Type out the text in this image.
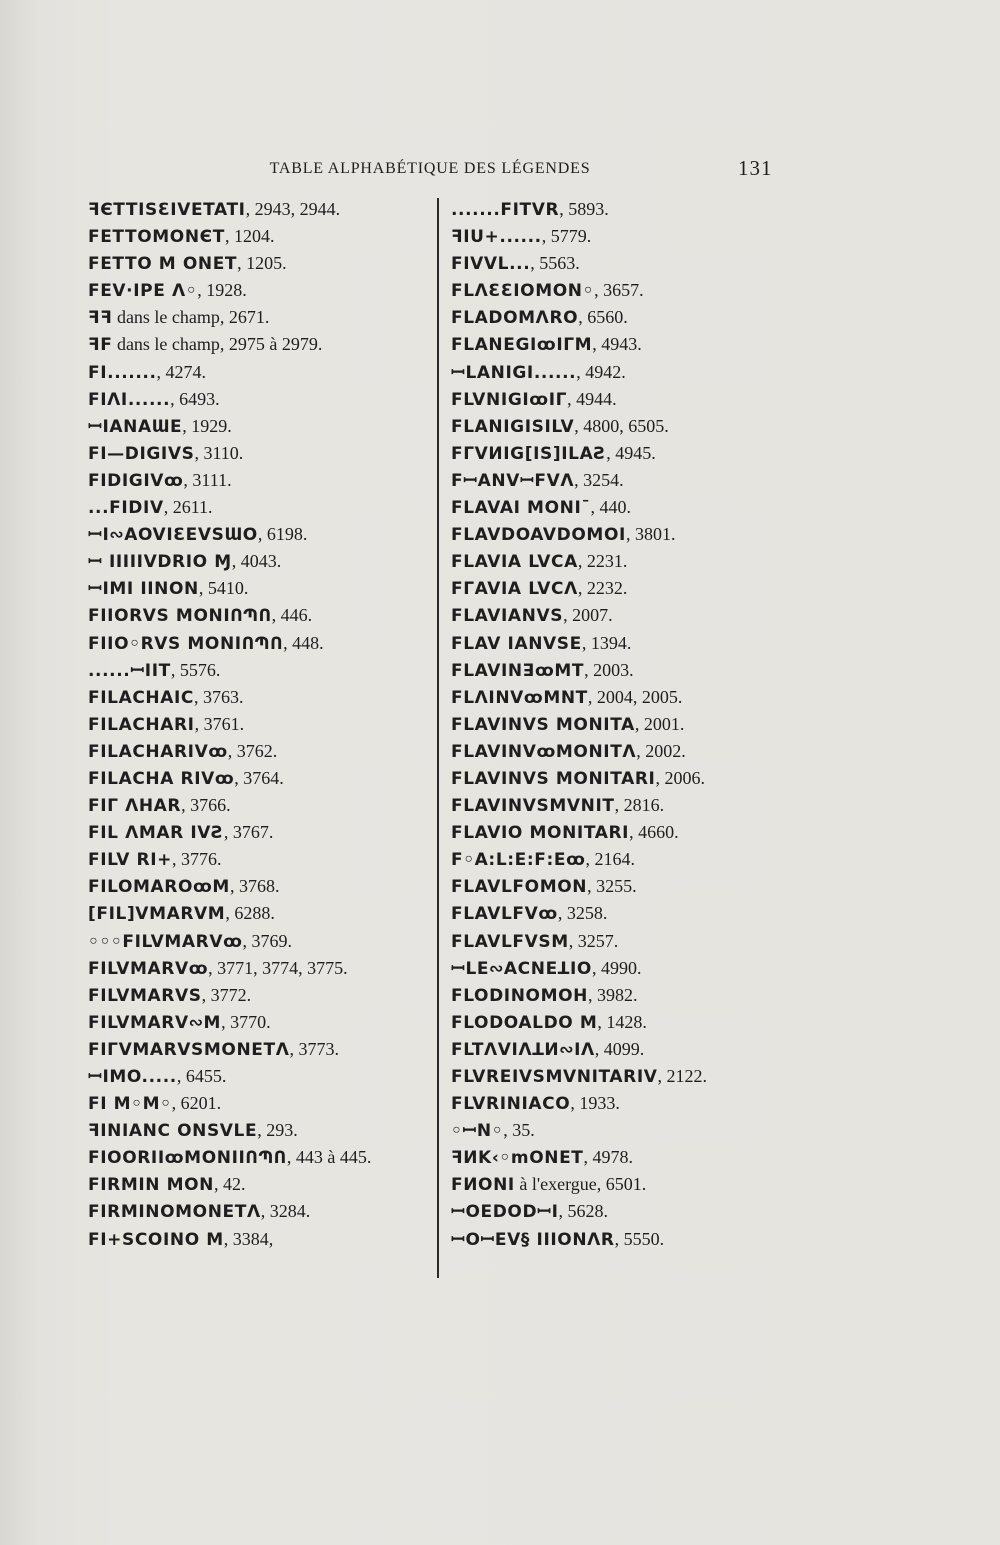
TABLE ALPHABÉTIQUE DES LÉGENDES	131
ꟻЄTTISƐIVETATI, 2943, 2944.
FETTOMONЄT, 1204.
FETTO M ONET, 1205.
FEV·IPE Λ◦, 1928.
ꟻꟻ dans le champ, 2671.
ꟻF dans le champ, 2975 à 2979.
FI......., 4274.
FIΛI......, 6493.
ꟷIANAƜE, 1929.
FI—DIGIVS, 3110.
FIDIGIVꝏ, 3111.
...FIDIV, 2611.
ꟷI∾AOVIƐEVSƜO, 6198.
ꟷ IIIIIVDRIO Ɱ, 4043.
ꟷIMI IINON, 5410.
FIIORVS MONIՈՊՈ, 446.
FIIO◦RVS MONIՈՊՈ, 448.
......ꟷIIT, 5576.
FILACHAIC, 3763.
FILACHARI, 3761.
FILACHARIVꝏ, 3762.
FILACHA RIVꝏ, 3764.
FIΓ ΛHAR, 3766.
FIL ΛMAR IVꙄ, 3767.
FILV RI+, 3776.
FILOMAROꝏM, 3768.
[FIL]VMARVM, 6288.
◦◦◦FILVMARVꝏ, 3769.
FILVMARVꝏ, 3771, 3774, 3775.
FILVMARVS, 3772.
FILVMARV∾M, 3770.
FIΓVMARVSMONETΛ, 3773.
ꟷIMO....., 6455.
FI M◦M◦, 6201.
ꟻINIANC ONSVLE, 293.
FIOORIIꝏMONIIՈՊՈ, 443 à 445.
FIRMIN MON, 42.
FIRMINOMONETΛ, 3284.
FI+SCOINO M, 3384,
.......FITVR, 5893.
ꟻIU+......, 5779.
FIVVL..., 5563.
FLΛƐƐIOMON◦, 3657.
FLADOMΛRO, 6560.
FLANEGIꝏIΓM, 4943.
ꟷLANIGI......, 4942.
FLVNIGIꝏIΓ, 4944.
FLANIGISILV, 4800, 6505.
FΓVИIG[IS]ILAꙄ, 4945.
FꟷANVꟷFVΛ, 3254.
FLAVAI MONI¯, 440.
FLAVDOAVDOMOI, 3801.
FLAVIA LVCA, 2231.
FΓAVIA LVCΛ, 2232.
FLAVIANVS, 2007.
FLAV IANVSE, 1394.
FLAVINꓱꝏMT, 2003.
FLΛINVꝏMNT, 2004, 2005.
FLAVINVS MONITA, 2001.
FLAVINVꝏMONITΛ, 2002.
FLAVINVS MONITARI, 2006.
FLAVINVSMVNIT, 2816.
FLAVIO MONITARI, 4660.
F◦A꞉L꞉E꞉F꞉Eꝏ, 2164.
FLAVLFOMON, 3255.
FLAVLFVꝏ, 3258.
FLAVLFVSM, 3257.
ꟷLE∾ACNEꓕIO, 4990.
FLODINOMOH, 3982.
FLODOALDO M, 1428.
FLTΛVIΛꓕИ∾IΛ, 4099.
FLVREIVSMVNITARIV, 2122.
FLVRINIACO, 1933.
◦ꟷN◦, 35.
ꟻИK‹◦mONET, 4978.
FИONI à l'exergue, 6501.
ꟷOEDODꟷI, 5628.
ꟷOꟷEV§ IIIONΛR, 5550.
